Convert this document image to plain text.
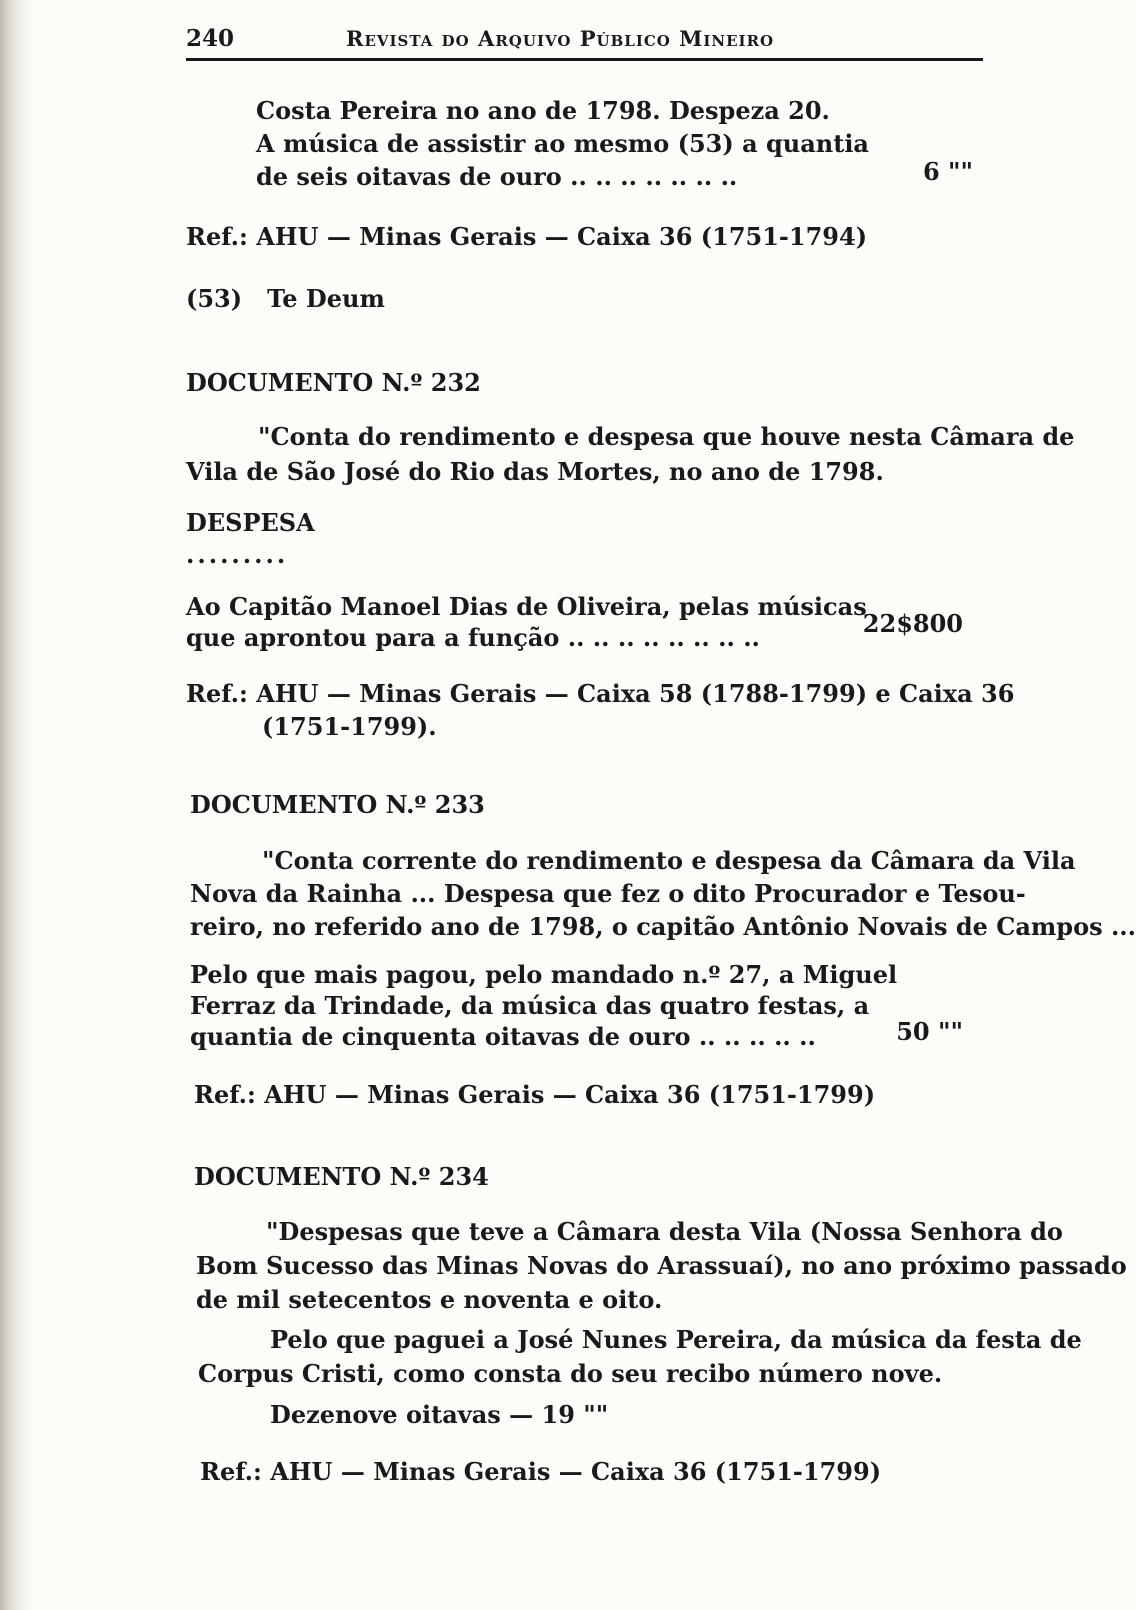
240	Revista do Arquivo Público Mineiro
Costa Pereira no ano de 1798. Despeza 20.
A música de assistir ao mesmo (53) a quantia
de seis oitavas de ouro .. .. .. .. .. .. ..	6 ""
Ref.: AHU — Minas Gerais — Caixa 36 (1751-1794)
(53)   Te Deum
DOCUMENTO N.º 232
"Conta do rendimento e despesa que houve nesta Câmara de
Vila de São José do Rio das Mortes, no ano de 1798.
DESPESA
.........
Ao Capitão Manoel Dias de Oliveira, pelas músicas
que aprontou para a função .. .. .. .. .. .. .. ..	22$800
Ref.: AHU — Minas Gerais — Caixa 58 (1788-1799) e Caixa 36
(1751-1799).
DOCUMENTO N.º 233
"Conta corrente do rendimento e despesa da Câmara da Vila
Nova da Rainha ... Despesa que fez o dito Procurador e Tesou-
reiro, no referido ano de 1798, o capitão Antônio Novais de Campos ...
Pelo que mais pagou, pelo mandado n.º 27, a Miguel
Ferraz da Trindade, da música das quatro festas, a
quantia de cinquenta oitavas de ouro .. .. .. .. ..	50 ""
Ref.: AHU — Minas Gerais — Caixa 36 (1751-1799)
DOCUMENTO N.º 234
"Despesas que teve a Câmara desta Vila (Nossa Senhora do
Bom Sucesso das Minas Novas do Arassuaí), no ano próximo passado
de mil setecentos e noventa e oito.
Pelo que paguei a José Nunes Pereira, da música da festa de
Corpus Cristi, como consta do seu recibo número nove.
Dezenove oitavas — 19 ""
Ref.: AHU — Minas Gerais — Caixa 36 (1751-1799)
